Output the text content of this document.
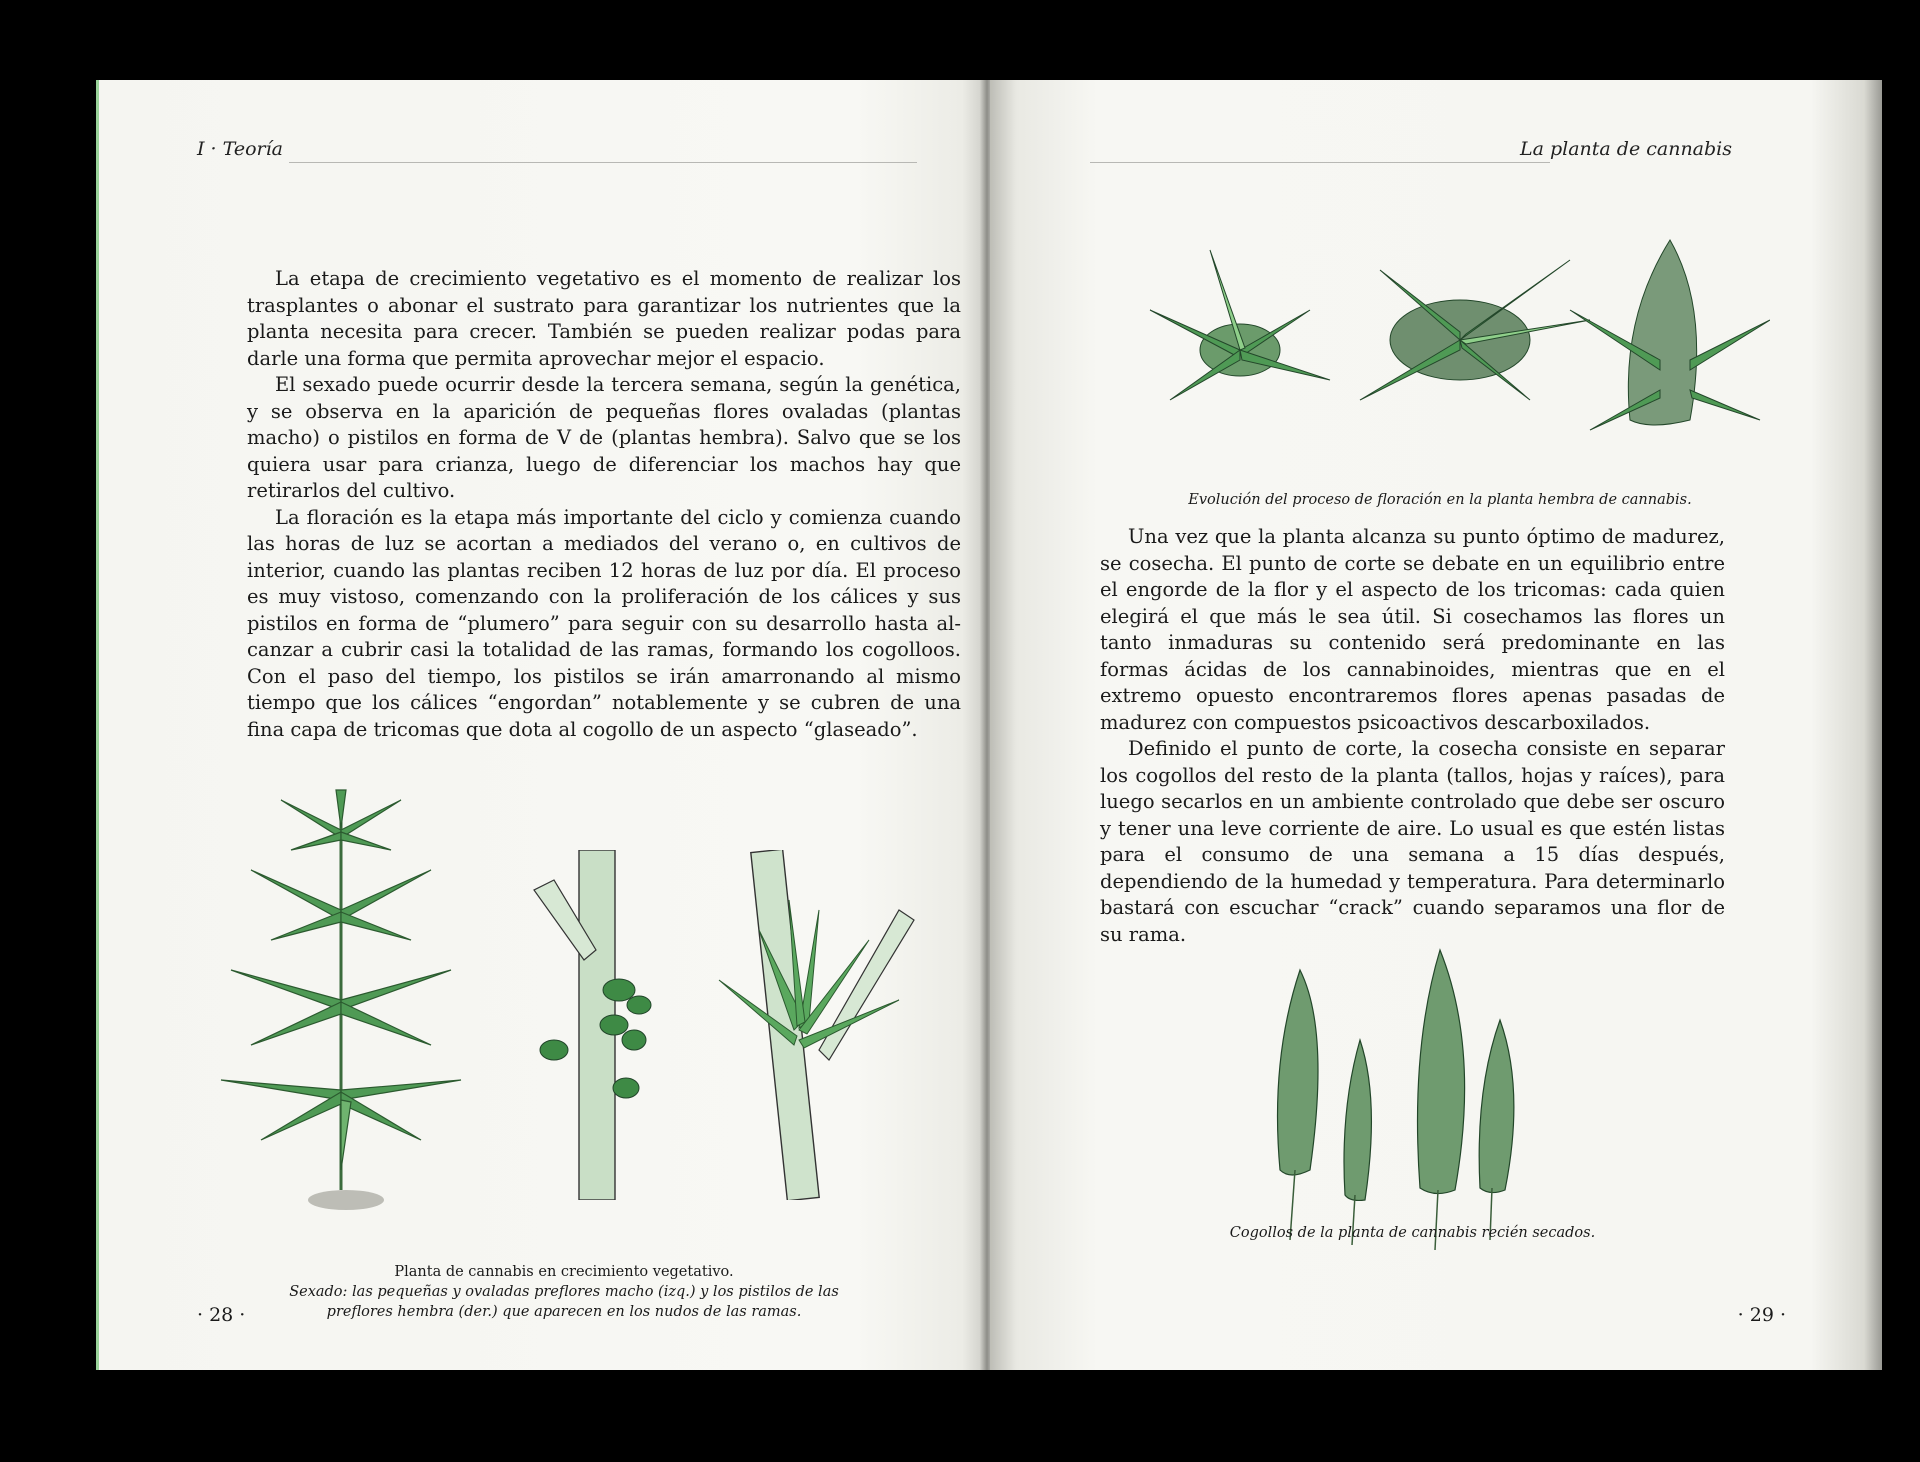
I · Teoría

La etapa de crecimiento vegetativo es el momento de realizar los trasplantes o abonar el sustrato para garantizar los nutrientes que la planta necesita para crecer. También se pueden realizar podas para darle una forma que permita aprovechar mejor el espacio.

El sexado puede ocurrir desde la tercera semana, según la genética, y se observa en la aparición de pequeñas flores ovaladas (plantas macho) o pistilos en forma de V de (plantas hembra). Salvo que se los quiera usar para crianza, luego de diferenciar los machos hay que retirarlos del cultivo.

La floración es la etapa más importante del ciclo y comienza cuando las horas de luz se acortan a mediados del verano o, en cultivos de interior, cuando las plantas reciben 12 horas de luz por día. El proceso es muy vistoso, comenzando con la proliferación de los cálices y sus pistilos en forma de “plumero” para seguir con su desarrollo hasta alcanzar a cubrir casi la totalidad de las ramas, formando los cogolloos. Con el paso del tiempo, los pistilos se irán amarronando al mismo tiempo que los cálices “engordan” notablemente y se cubren de una fina capa de tricomas que dota al cogollo de un aspecto “glaseado”.

Planta de cannabis en crecimiento vegetativo.
Sexado: las pequeñas y ovaladas preflores macho (izq.) y los pistilos de las
preflores hembra (der.) que aparecen en los nudos de las ramas.
· 28 ·
La planta de cannabis
Evolución del proceso de floración en la planta hembra de cannabis.

Una vez que la planta alcanza su punto óptimo de madurez, se cosecha. El punto de corte se debate en un equilibrio entre el engorde de la flor y el aspecto de los tricomas: cada quien elegirá el que más le sea útil. Si cosechamos las flores un tanto inmaduras su contenido será predominante en las formas ácidas de los cannabinoides, mientras que en el extremo opuesto encontraremos flores apenas pasadas de madurez con compuestos psicoactivos descarboxilados.

Definido el punto de corte, la cosecha consiste en separar los cogollos del resto de la planta (tallos, hojas y raíces), para luego secarlos en un ambiente controlado que debe ser oscuro y tener una leve corriente de aire. Lo usual es que estén listas para el consumo de una semana a 15 días después, dependiendo de la humedad y temperatura. Para determinarlo bastará con escuchar “crack” cuando separamos una flor de su rama.

Cogollos de la planta de cannabis recién secados.
· 29 ·
